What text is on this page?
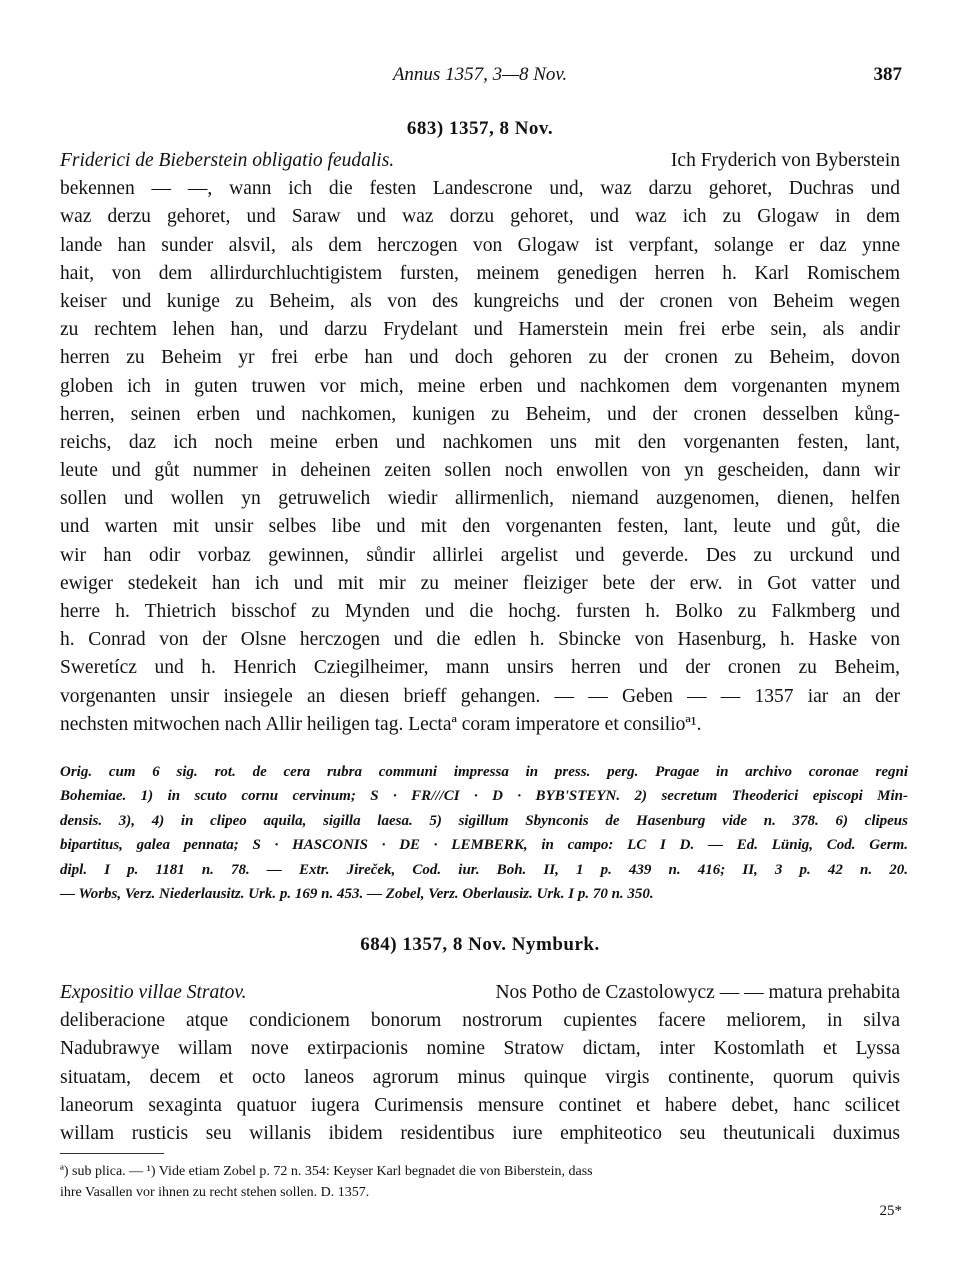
Annus 1357, 3—8 Nov.	387
683) 1357, 8 Nov.
Friderici de Bieberstein obligatio feudalis.	Ich Fryderich von Byberstein
bekennen — —, wann ich die festen Landescrone und, waz darzu gehoret, Duchras und
waz derzu gehoret, und Saraw und waz dorzu gehoret, und waz ich zu Glogaw in dem
lande han sunder alsvil, als dem herczogen von Glogaw ist verpfant, solange er daz ynne
hait, von dem allirdurchluchtigistem fursten, meinem genedigen herren h. Karl Romischem
keiser und kunige zu Beheim, als von des kungreichs und der cronen von Beheim wegen
zu rechtem lehen han, und darzu Frydelant und Hamerstein mein frei erbe sein, als andir
herren zu Beheim yr frei erbe han und doch gehoren zu der cronen zu Beheim, dovon
globen ich in guten truwen vor mich, meine erben und nachkomen dem vorgenanten mynem
herren, seinen erben und nachkomen, kunigen zu Beheim, und der cronen desselben kůng-
reichs, daz ich noch meine erben und nachkomen uns mit den vorgenanten festen, lant,
leute und gůt nummer in deheinen zeiten sollen noch enwollen von yn gescheiden, dann wir
sollen und wollen yn getruwelich wiedir allirmenlich, niemand auzgenomen, dienen, helfen
und warten mit unsir selbes libe und mit den vorgenanten festen, lant, leute und gůt, die
wir han odir vorbaz gewinnen, sůndir allirlei argelist und geverde. Des zu urckund und
ewiger stedekeit han ich und mit mir zu meiner fleiziger bete der erw. in Got vatter und
herre h. Thietrich bisschof zu Mynden und die hochg. fursten h. Bolko zu Falkmberg und
h. Conrad von der Olsne herczogen und die edlen h. Sbincke von Hasenburg, h. Haske von
Sweretícz und h. Henrich Cziegilheimer, mann unsirs herren und der cronen zu Beheim,
vorgenanten unsir insiegele an diesen brieff gehangen. — — Geben — — 1357 iar an der
nechsten mitwochen nach Allir heiligen tag. Lectaª coram imperatore et consilioª¹.
Orig. cum 6 sig. rot. de cera rubra communi impressa in press. perg. Pragae in archivo coronae regni
Bohemiae. 1) in scuto cornu cervinum; S · FR///CI · D · BYB'STEYN. 2) secretum Theoderici episcopi Min-
densis. 3), 4) in clipeo aquila, sigilla laesa. 5) sigillum Sbynconis de Hasenburg vide n. 378. 6) clipeus
bipartitus, galea pennata; S · HASCONIS · DE · LEMBERK, in campo: LC I D. — Ed. Lünig, Cod. Germ.
dipl. I p. 1181 n. 78. — Extr. Jireček, Cod. iur. Boh. II, 1 p. 439 n. 416; II, 3 p. 42 n. 20.
— Worbs, Verz. Niederlausitz. Urk. p. 169 n. 453. — Zobel, Verz. Oberlausiz. Urk. I p. 70 n. 350.
684) 1357, 8 Nov. Nymburk.
Expositio villae Stratov.	Nos Potho de Czastolowycz — — matura prehabita
deliberacione atque condicionem bonorum nostrorum cupientes facere meliorem, in silva
Nadubrawye willam nove extirpacionis nomine Stratow dictam, inter Kostomlath et Lyssa
situatam, decem et octo laneos agrorum minus quinque virgis continente, quorum quivis
laneorum sexaginta quatuor iugera Curimensis mensure continet et habere debet, hanc scilicet
willam rusticis seu willanis ibidem residentibus iure emphiteotico seu theutunicali duximus
ª) sub plica. — ¹) Vide etiam Zobel p. 72 n. 354: Keyser Karl begnadet die von Biberstein, dass
ihre Vasallen vor ihnen zu recht stehen sollen. D. 1357.
25*
